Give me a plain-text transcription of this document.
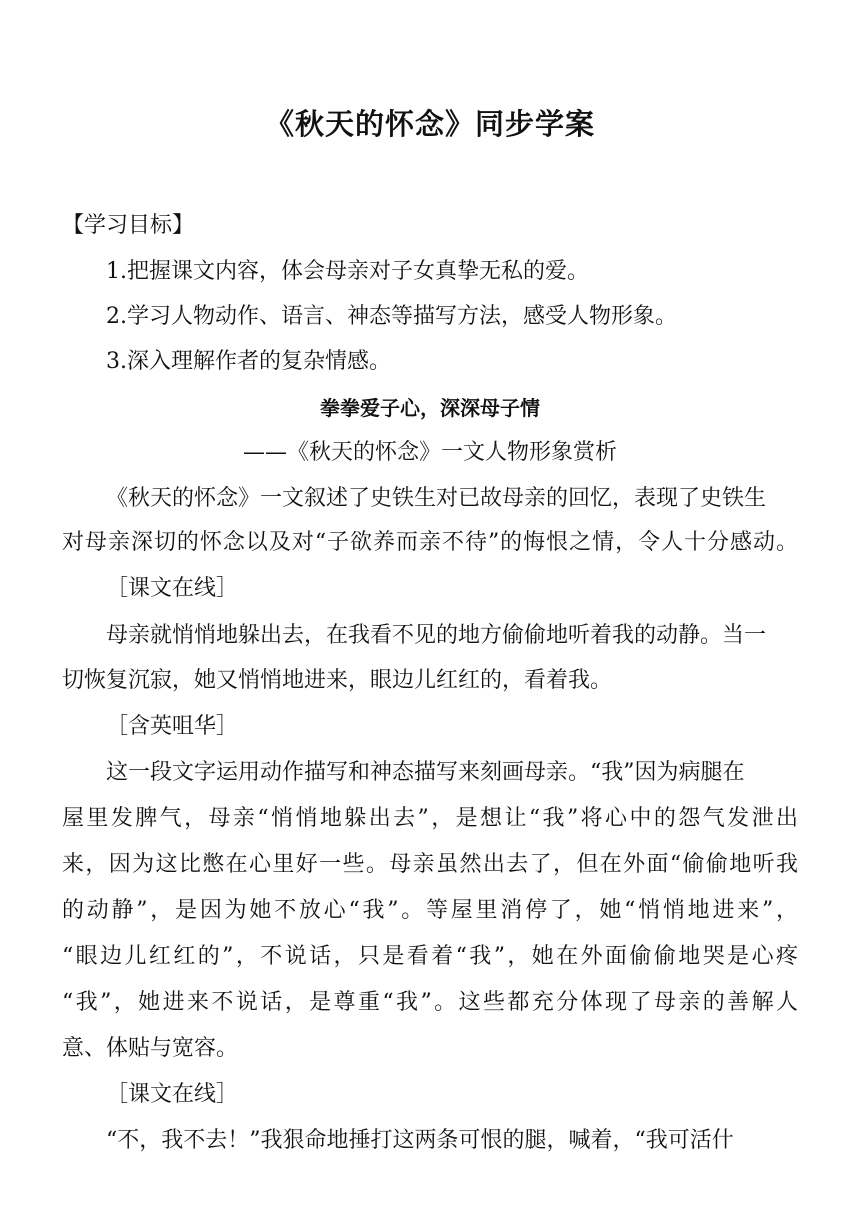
《秋天的怀念》同步学案
【学习目标】
1.把握课文内容，体会母亲对子女真挚无私的爱。
2.学习人物动作、语言、神态等描写方法，感受人物形象。
3.深入理解作者的复杂情感。
拳拳爱子心，深深母子情
——《秋天的怀念》一文人物形象赏析
《秋天的怀念》一文叙述了史铁生对已故母亲的回忆，表现了史铁生
对母亲深切的怀念以及对“子欲养而亲不待”的悔恨之情，令人十分感动。
［课文在线］
母亲就悄悄地躲出去，在我看不见的地方偷偷地听着我的动静。当一
切恢复沉寂，她又悄悄地进来，眼边儿红红的，看着我。
［含英咀华］
这一段文字运用动作描写和神态描写来刻画母亲。“我”因为病腿在
屋里发脾气，母亲“悄悄地躲出去”，是想让“我”将心中的怨气发泄出
来，因为这比憋在心里好一些。母亲虽然出去了，但在外面“偷偷地听我
的动静”，是因为她不放心“我”。等屋里消停了，她“悄悄地进来”，
“眼边儿红红的”，不说话，只是看着“我”，她在外面偷偷地哭是心疼
“我”，她进来不说话，是尊重“我”。这些都充分体现了母亲的善解人
意、体贴与宽容。
［课文在线］
“不，我不去！”我狠命地捶打这两条可恨的腿，喊着，“我可活什
